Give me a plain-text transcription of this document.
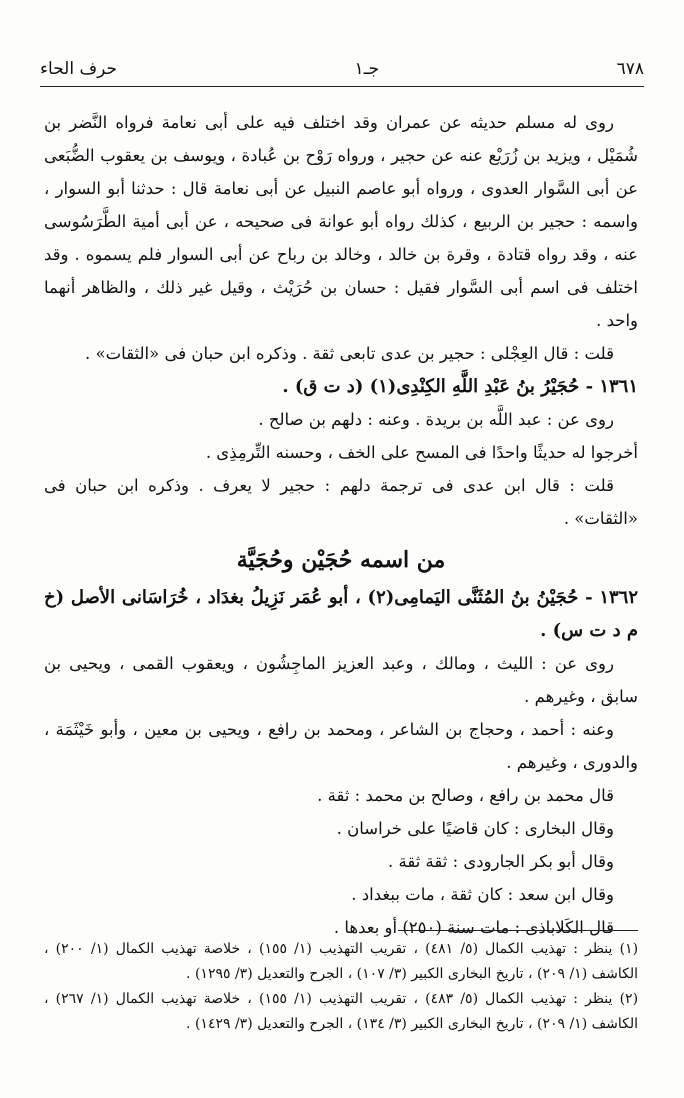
٦٧٨
جـ١
حرف الحاء

روى له مسلم حديثه عن عمران وقد اختلف فيه على أبى نعامة فرواه النَّضر بن شُمَيْل ، ويزيد بن زُرَيْع عنه عن حجير ، ورواه رَوْح بن عُبادة ، ويوسف بن يعقوب الضُّبَعى عن أبى السَّوار العدوى ، ورواه أبو عاصم النبيل عن أبى نعامة قال : حدثنا أبو السوار ، واسمه : حجير بن الربيع ، كذلك رواه أبو عوانة فى صحيحه ، عن أبى أمية الطَّرَسُوسى عنه ، وقد رواه قتادة ، وقرة بن خالد ، وخالد بن رباح عن أبى السوار فلم يسموه . وقد اختلف فى اسم أبى السَّوار فقيل : حسان بن حُرَيْث ، وقيل غير ذلك ، والظاهر أنهما واحد .

قلت : قال العِجْلى : حجير بن عدى تابعى ثقة . وذكره ابن حبان فى «الثقات» .

١٣٦١ - حُجَيْرُ بنُ عَبْدِ اللَّهِ الكِنْدِى(١) (د ت ق) .

روى عن : عبد اللَّه بن بريدة . وعنه : دلهم بن صالح .

أخرجوا له حديثًا واحدًا فى المسح على الخف ، وحسنه التِّرمِذِى .

قلت : قال ابن عدى فى ترجمة دلهم : حجير لا يعرف . وذكره ابن حبان فى «الثقات» .

من اسمه حُجَيْن وحُجَيَّة

١٣٦٢ - حُجَيْنُ بنُ المُثَنَّى اليَمامِى(٢) ، أبو عُمَر نَزِيلُ بغدَاد ، خُرَاسَانى الأصل (خ م د ت س) .

روى عن : الليث ، ومالك ، وعبد العزيز الماجِشُون ، ويعقوب القمى ، ويحيى بن سابق ، وغيرهم .

وعنه : أحمد ، وحجاج بن الشاعر ، ومحمد بن رافع ، ويحيى بن معين ، وأبو خَيْثَمَة ، والدورى ، وغيرهم .

قال محمد بن رافع ، وصالح بن محمد : ثقة .

وقال البخارى : كان قاضيًا على خراسان .

وقال أبو بكر الجارودى : ثقة ثقة .

وقال ابن سعد : كان ثقة ، مات ببغداد .

قال الكَلاباذى : مات سنة (٢٥٠) أو بعدها .

(١) ينظر : تهذيب الكمال (٥/ ٤٨١) ، تقريب التهذيب (١/ ١٥٥) ، خلاصة تهذيب الكمال (١/ ٢٠٠) ، الكاشف (١/ ٢٠٩) ، تاريخ البخارى الكبير (٣/ ١٠٧) ، الجرح والتعديل (٣/ ١٢٩٥) .

(٢) ينظر : تهذيب الكمال (٥/ ٤٨٣) ، تقريب التهذيب (١/ ١٥٥) ، خلاصة تهذيب الكمال (١/ ٢٦٧) ، الكاشف (١/ ٢٠٩) ، تاريخ البخارى الكبير (٣/ ١٣٤) ، الجرح والتعديل (٣/ ١٤٢٩) .
